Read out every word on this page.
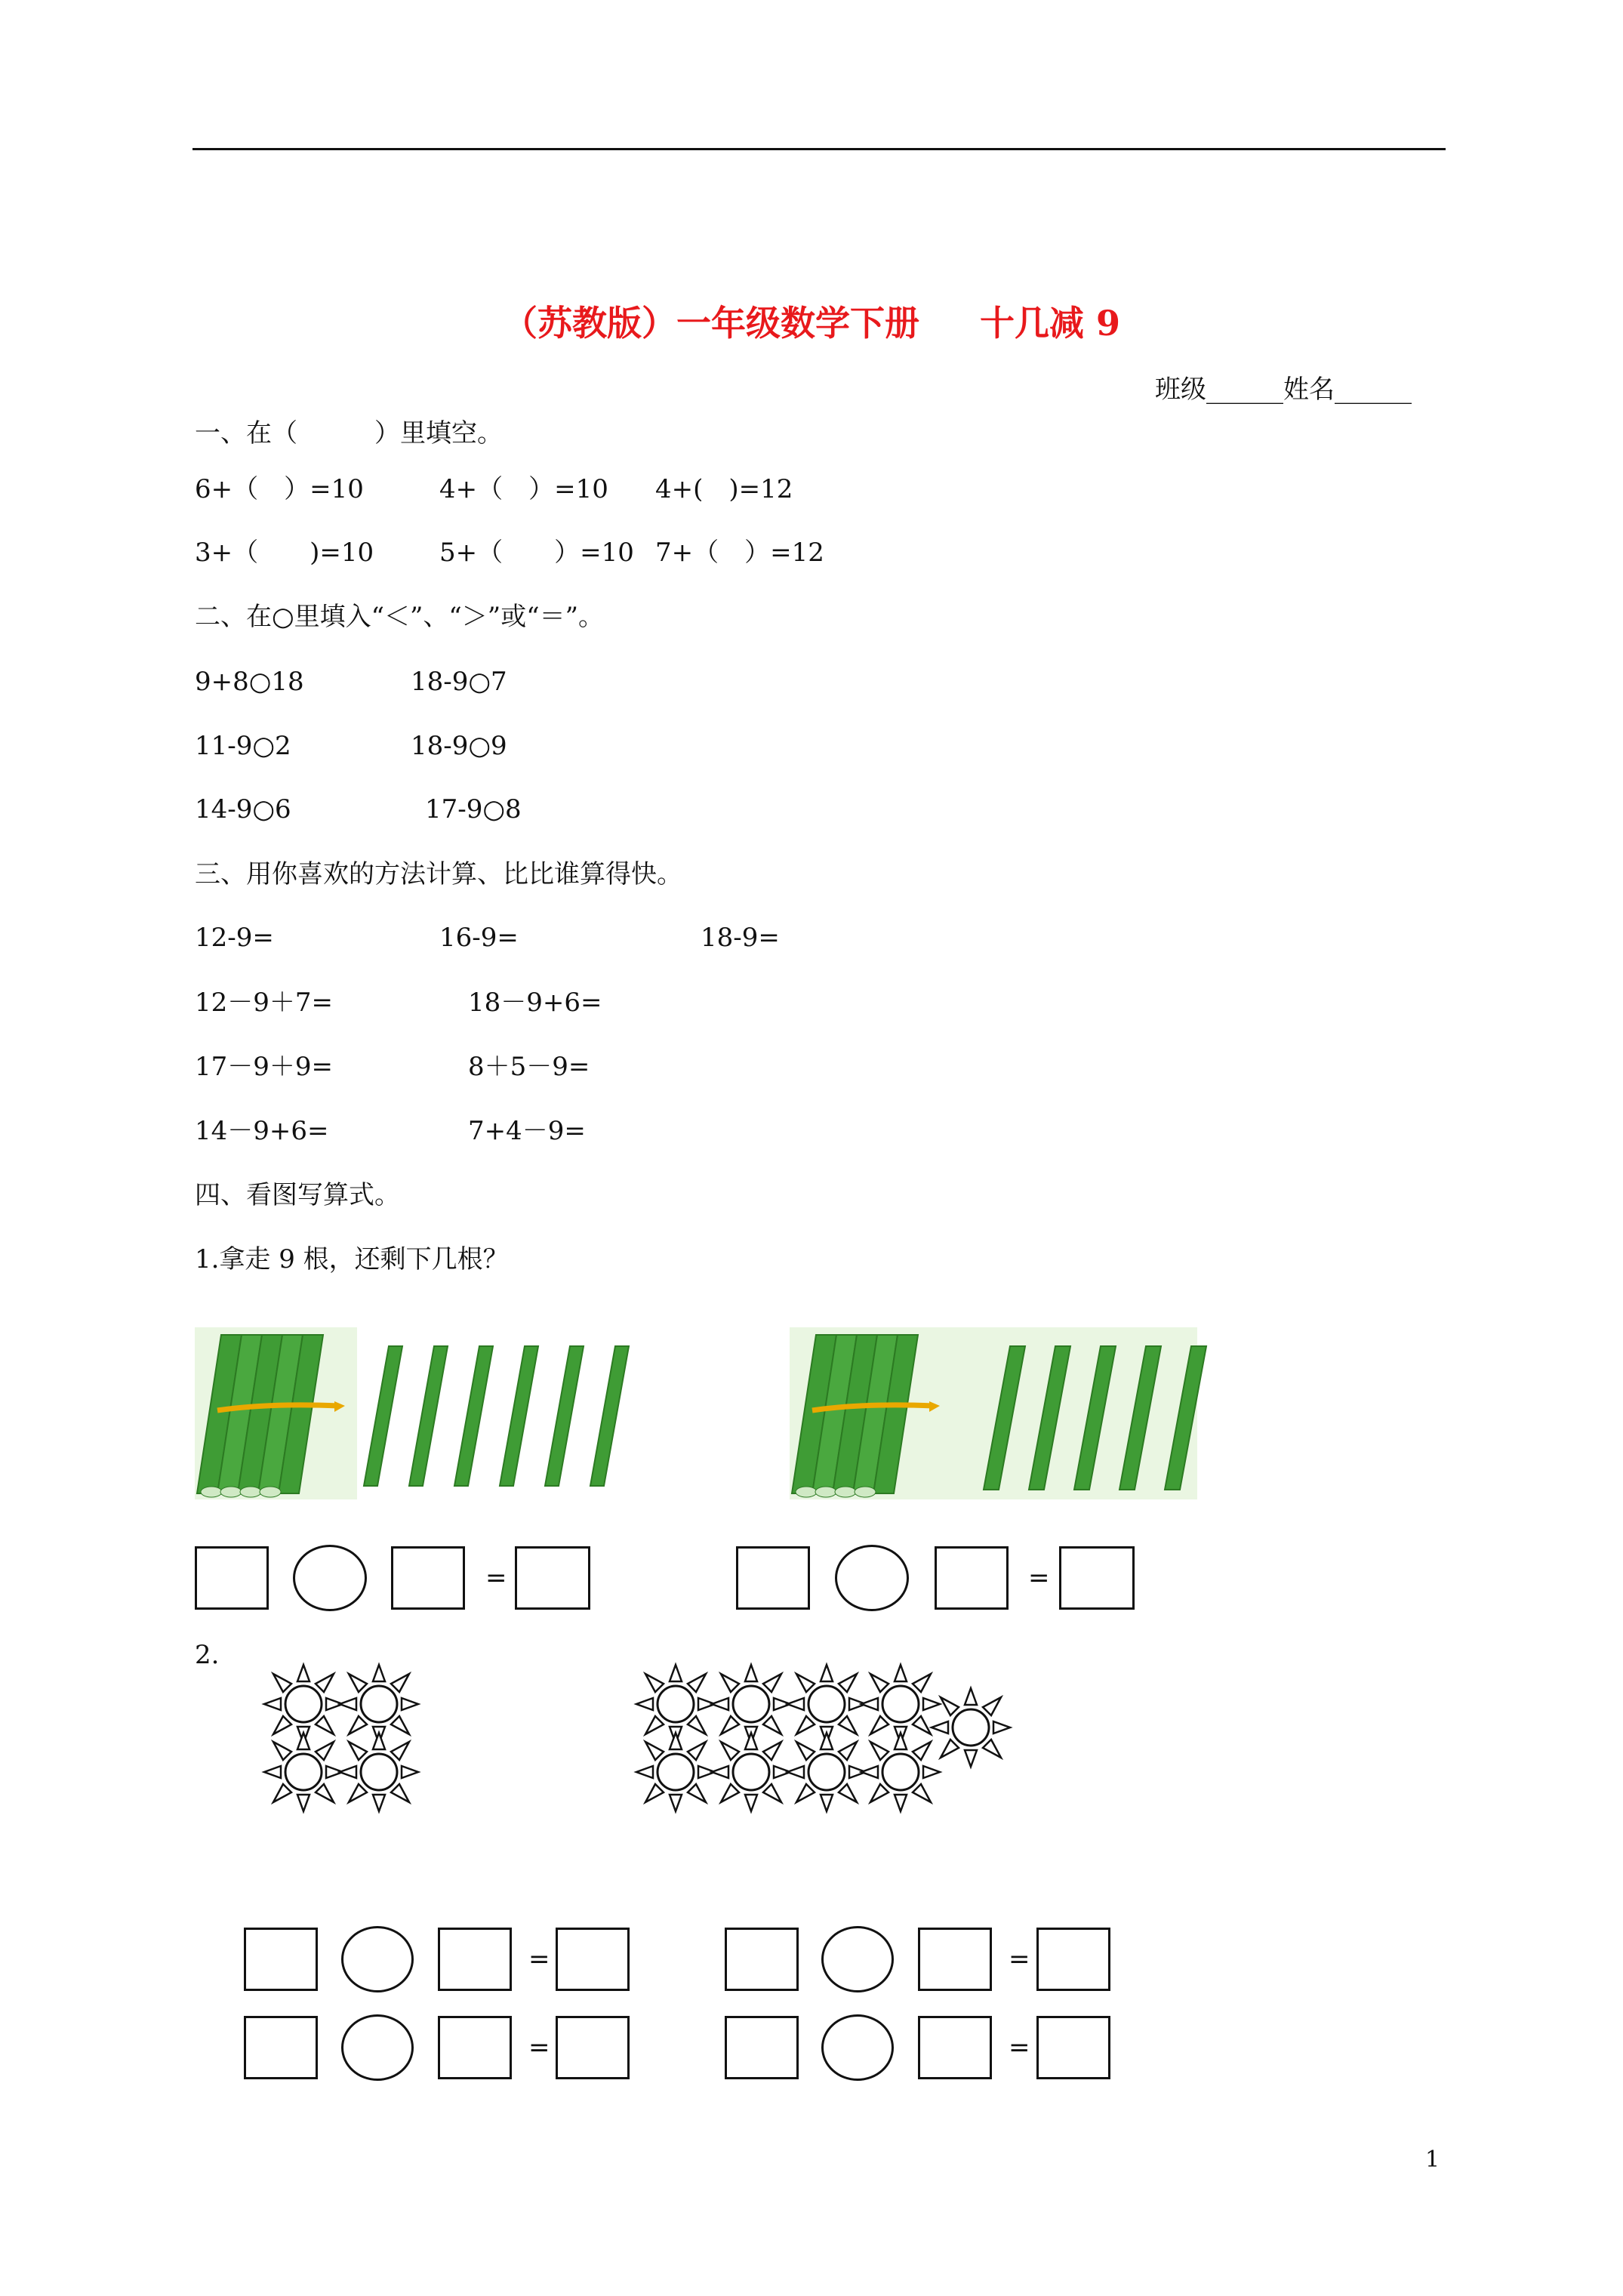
（苏教版）一年级数学下册 十几减 9
班级______姓名______
一、在（　　　）里填空。
6+（　）=10	4+（　）=10 4+(　)=12
3+（　　)=10	5+（　　）=10 7+（　）=12
二、在○里填入“＜”、“＞”或“＝”。
9+8○18	18-9○7
11-9○2	18-9○9
14-9○6	17-9○8
三、用你喜欢的方法计算、比比谁算得快。
12-9=	16-9=	18-9=
12－9＋7=	18－9+6=
17－9＋9=	8＋5－9=
14－9+6=	7+4－9=
四、看图写算式。
1.拿走 9 根，还剩下几根？
=	=
2.
=	=
=	=
1
